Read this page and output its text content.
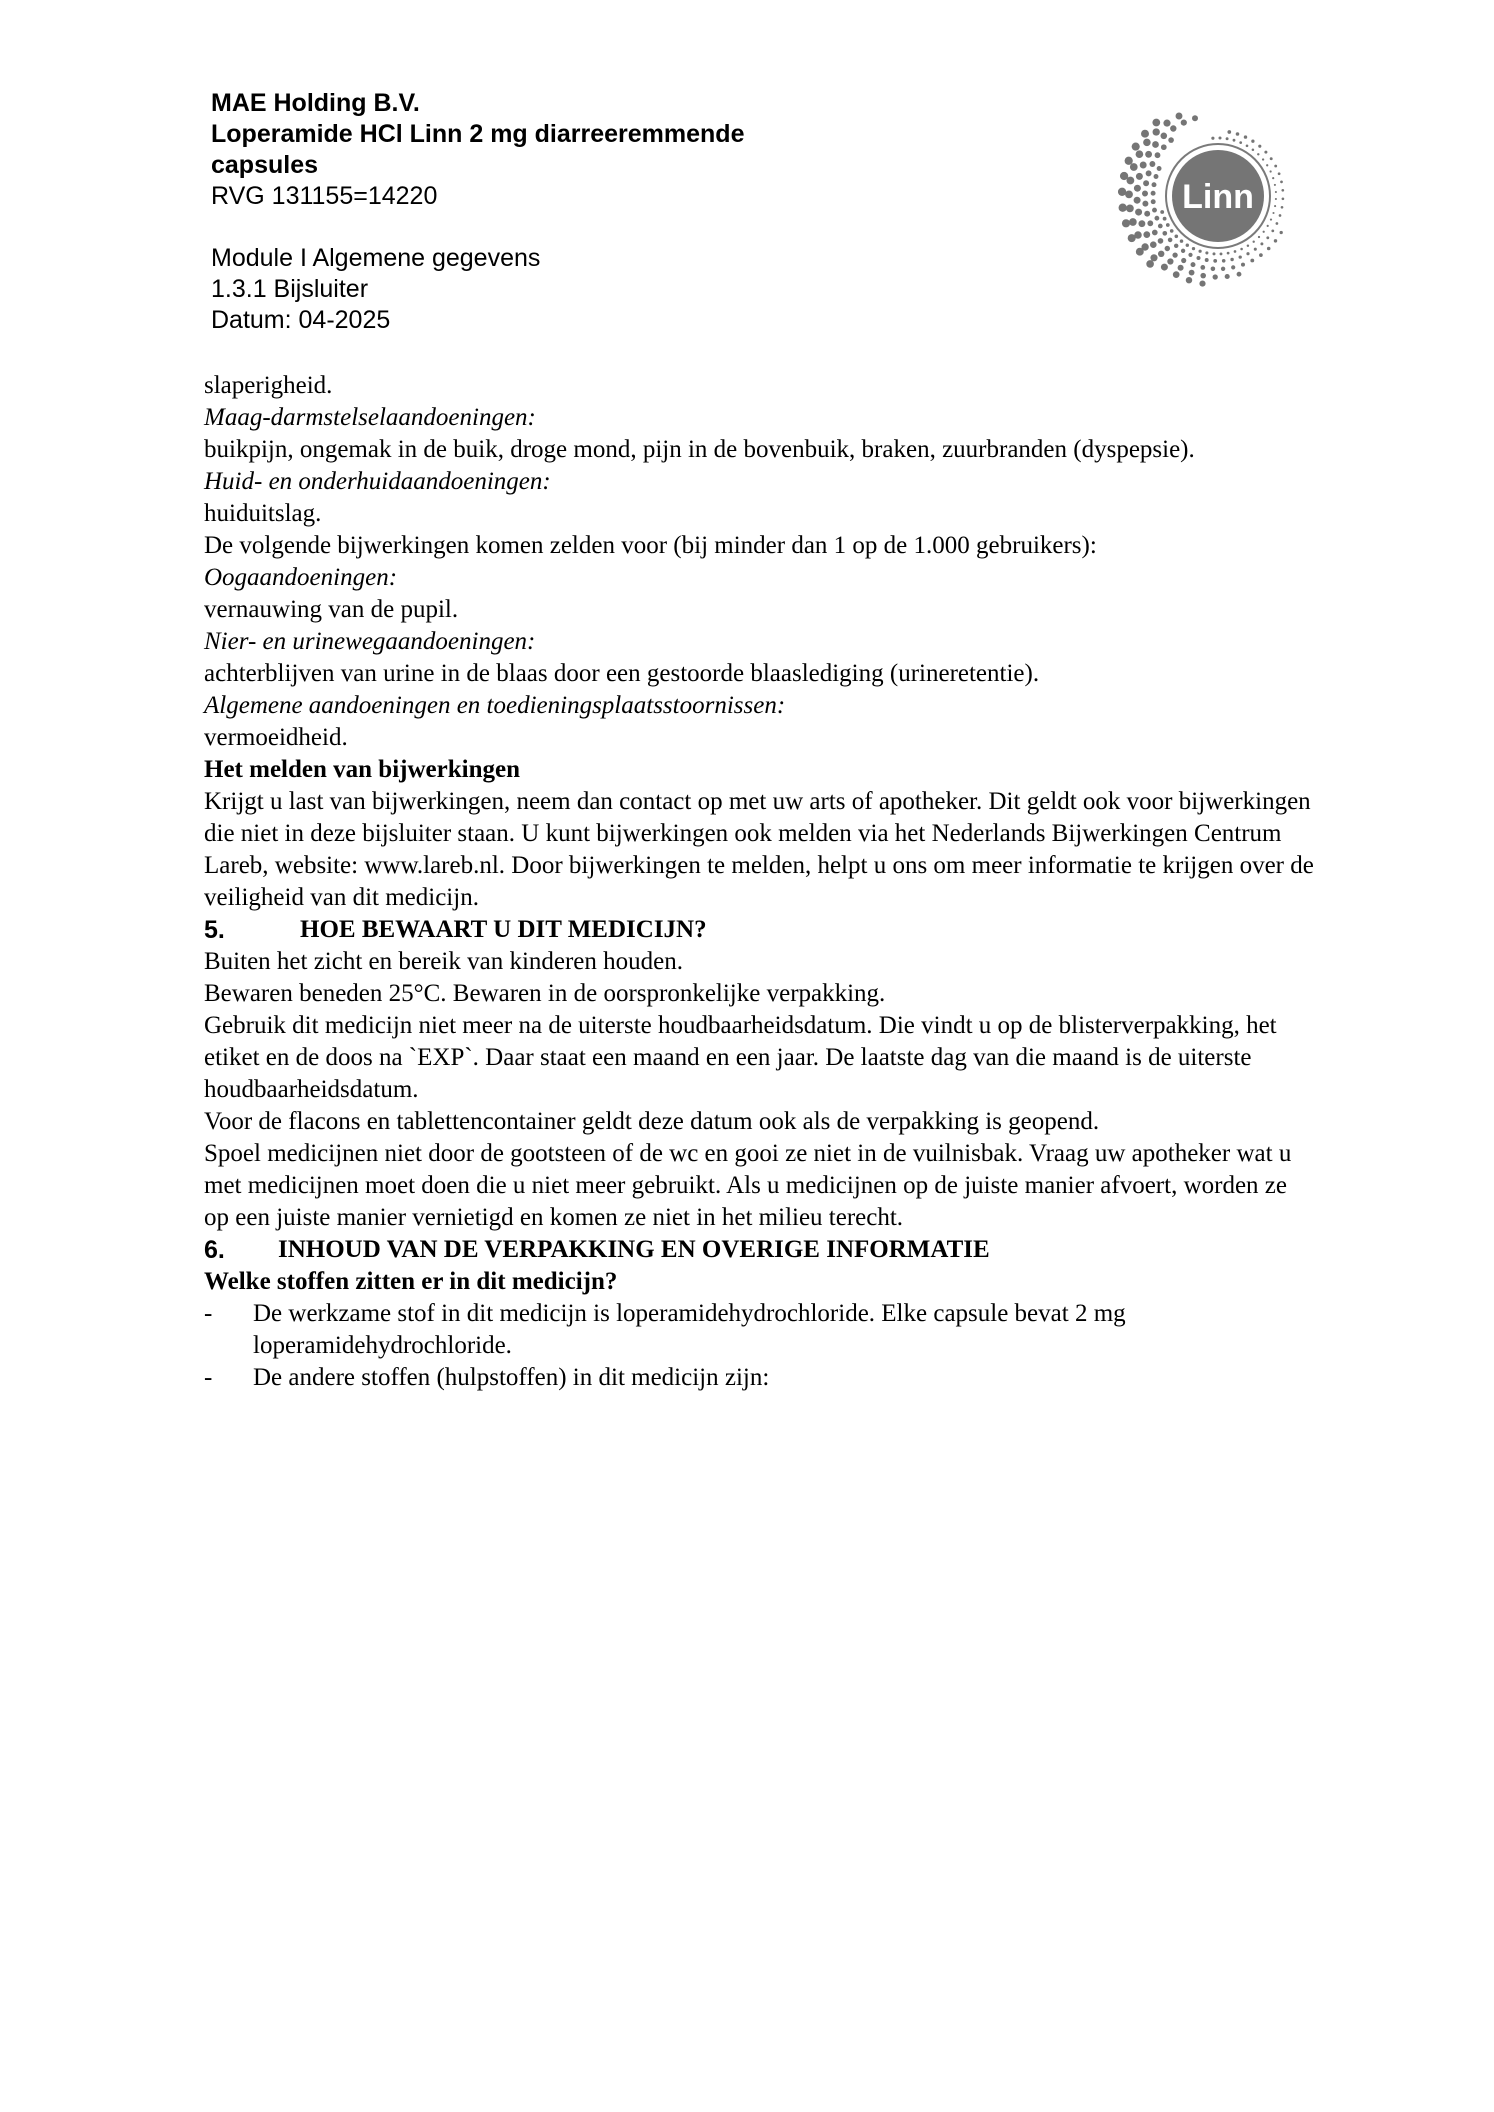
MAE Holding B.V.
Loperamide HCl Linn 2 mg diarreeremmende capsules
RVG 131155=14220
Module I Algemene gegevens
1.3.1 Bijsluiter
Datum: 04-2025
Linn
slaperigheid.
Maag-darmstelselaandoeningen:
buikpijn, ongemak in de buik, droge mond, pijn in de bovenbuik, braken, zuurbranden (dyspepsie).
Huid- en onderhuidaandoeningen:
huiduitslag.
De volgende bijwerkingen komen zelden voor (bij minder dan 1 op de 1.000 gebruikers):
Oogaandoeningen:
vernauwing van de pupil.
Nier- en urinewegaandoeningen:
achterblijven van urine in de blaas door een gestoorde blaaslediging (urineretentie).
Algemene aandoeningen en toedieningsplaatsstoornissen:
vermoeidheid.
Het melden van bijwerkingen
Krijgt u last van bijwerkingen, neem dan contact op met uw arts of apotheker. Dit geldt ook voor bijwerkingen die niet in deze bijsluiter staan. U kunt bijwerkingen ook melden via het Nederlands Bijwerkingen Centrum Lareb, website: www.lareb.nl. Door bijwerkingen te melden, helpt u ons om meer informatie te krijgen over de veiligheid van dit medicijn.
5.	HOE BEWAART U DIT MEDICIJN?

Buiten het zicht en bereik van kinderen houden.

Bewaren beneden 25°C. Bewaren in de oorspronkelijke verpakking.

Gebruik dit medicijn niet meer na de uiterste houdbaarheidsdatum. Die vindt u op de blisterverpakking, het etiket en de doos na `EXP`. Daar staat een maand en een jaar. De laatste dag van die maand is de uiterste houdbaarheidsdatum.

Voor de flacons en tablettencontainer geldt deze datum ook als de verpakking is geopend.

Spoel medicijnen niet door de gootsteen of de wc en gooi ze niet in de vuilnisbak. Vraag uw apotheker wat u met medicijnen moet doen die u niet meer gebruikt. Als u medicijnen op de juiste manier afvoert, worden ze op een juiste manier vernietigd en komen ze niet in het milieu terecht.

6.	INHOUD VAN DE VERPAKKING EN OVERIGE INFORMATIE
Welke stoffen zitten er in dit medicijn?
-	De werkzame stof in dit medicijn is loperamidehydrochloride. Elke capsule bevat 2 mg loperamidehydrochloride.
-	De andere stoffen (hulpstoffen) in dit medicijn zijn:
